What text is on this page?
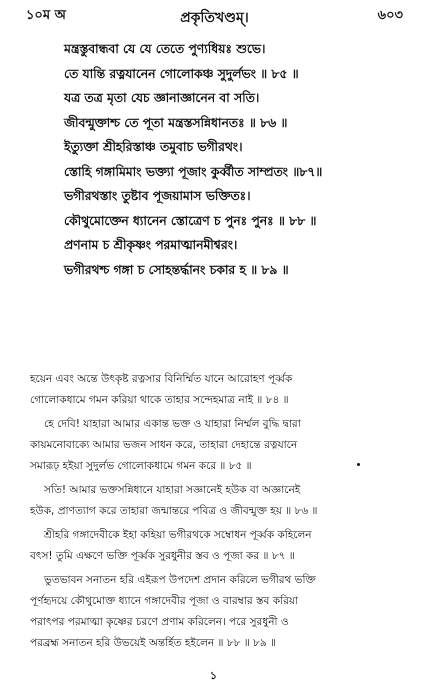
১০ম অ	প্রকৃতিখণ্ডম্।	৬০৩
মন্ত্রস্তুবান্ধবা যে যে তেতে পুণ্যধিয়ঃ শুভে।
তে যান্তি রত্নযানেন গোলোকঞ্চ সুদুর্লভং ॥ ৮৫ ॥
যত্র তত্র মৃতা যেচ জ্ঞানাজ্ঞানেন বা সতি।
জীবন্মুক্তাশ্চ তে পূতা মন্ত্রস্তসন্নিধানতঃ ॥ ৮৬ ॥
ইত্যুক্তা শ্রীহরিস্তাঞ্চ তমুবাচ ভগীরথং।
স্তোহি গঙ্গামিমাং ভক্ত্যা পূজাং কুর্ব্বীত সাম্প্রতং ॥৮৭॥
ভগীরথস্তাং তুষ্টাব পূজয়ামাস ভক্তিতঃ।
কৌথুমোক্তেন ধ্যানেন স্তোত্রেণ চ পুনঃ পুনঃ ॥ ৮৮ ॥
প্রণনাম চ শ্রীকৃষ্ণং পরমাত্মানমীশ্বরং।
ভগীরথশ্চ গঙ্গা চ সোহন্তর্দ্ধানং চকার হ ॥ ৮৯ ॥
হয়েন এবং অন্তে উৎকৃষ্ট রত্নসার বিনির্ম্মিত যানে আরোহণ পূর্ব্বক
গোলোকধামে গমন করিয়া থাকে তাহার সন্দেহমাত্র নাই ॥ ৮৪ ॥
হে দেবি! যাহারা আমার একান্ত ভক্ত ও যাহারা নির্ম্মল বুদ্ধি দ্বারা
কায়মনোবাক্যে আমার ভজন সাধন করে, তাহারা দেহান্তে রত্নযানে
সমারূঢ় হইয়া সুদুর্লভ গোলোকধামে গমন করে ॥ ৮৫ ॥
সতি! আমার ভক্তসন্নিধানে যাহারা সজ্ঞানেই হউক বা অজ্ঞানেই
হউক, প্রাণত্যাগ করে তাহারা জন্মান্তরে পবিত্র ও জীবন্মুক্ত হয় ॥ ৮৬ ॥
শ্রীহরি গঙ্গাদেবীকে ইহা কহিয়া ভগীরথকে সম্বোধন পূর্ব্বক কহিলেন
বৎস! তুমি এক্ষণে ভক্তি পূর্ব্বক সুরধুনীর স্তব ও পূজা কর ॥ ৮৭ ॥
ভুতভাবন সনাতন হরি এইরূপ উপদেশ প্রদান করিলে ভগীরথ ভক্তি
পূর্ণহৃদয়ে কৌথুমোক্ত ধ্যানে গঙ্গাদেবীর পূজা ও বারম্বার স্তব করিয়া
পরাৎপর পরমাত্মা কৃষ্ণের চরণে প্রণাম করিলেন। পরে সুরধুনী ও
পরব্রহ্ম সনাতন হরি উভয়েই অন্তর্হিত হইলেন ॥ ৮৮ ॥ ৮৯ ॥
১
